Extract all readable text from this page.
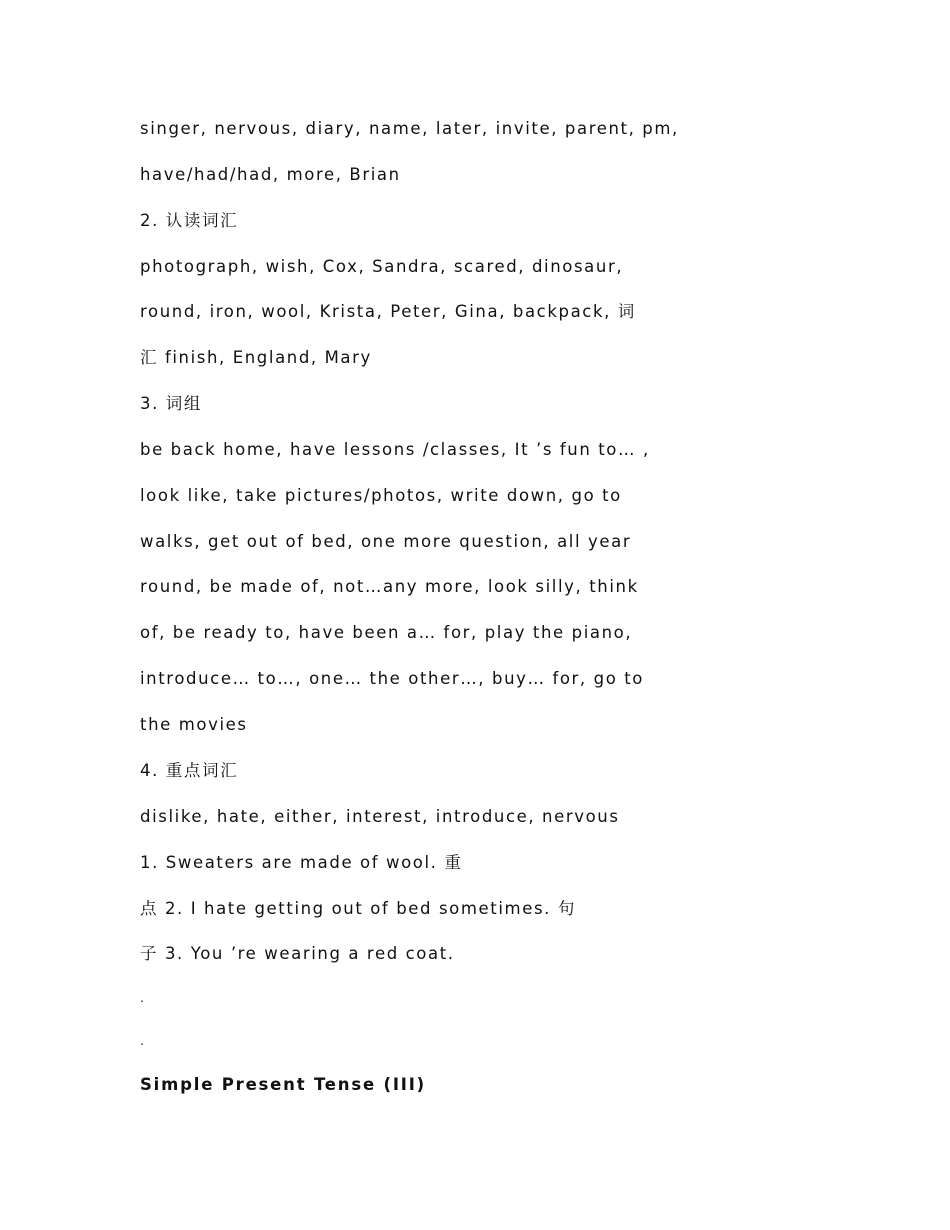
singer, nervous, diary, name, later, invite, parent, pm,
have/had/had, more, Brian
2. 认读词汇
photograph, wish, Cox, Sandra, scared, dinosaur,
round, iron, wool, Krista, Peter, Gina, backpack, 词
汇 finish, England, Mary
3. 词组
be back home, have lessons /classes, It ’s fun to… ,
look like, take pictures/photos, write down, go to
walks, get out of bed, one more question, all year
round, be made of, not…any more, look silly, think
of, be ready to, have been a… for, play the piano,
introduce… to…, one… the other…, buy… for, go to
the movies
4. 重点词汇
dislike, hate, either, interest, introduce, nervous
1. Sweaters are made of wool. 重
点 2. I hate getting out of bed sometimes. 句
子 3. You ’re wearing a red coat.
.
.
Simple Present Tense (III)
